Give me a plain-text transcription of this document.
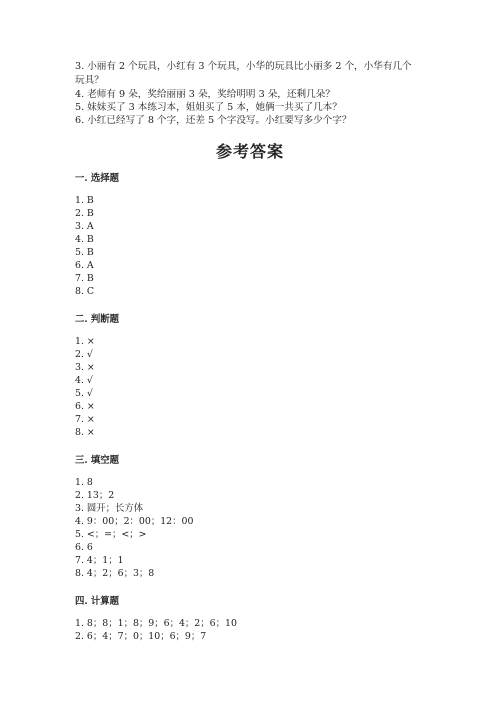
3. 小丽有 2 个玩具，小红有 3 个玩具，小华的玩具比小丽多 2 个，小华有几个

玩具？

4. 老师有 9 朵，奖给丽丽 3 朵，奖给明明 3 朵，还剩几朵？

5. 妹妹买了 3 本练习本，姐姐买了 5 本，她俩一共买了几本？

6. 小红已经写了 8 个字，还差 5 个字没写。小红要写多少个字？

参考答案

一. 选择题

1. B

2. B

3. A

4. B

5. B

6. A

7. B

8. C

二. 判断题

1. ×

2. √

3. ×

4. √

5. √

6. ×

7. ×

8. ×

三. 填空题

1. 8

2. 13；2

3. 圆开；长方体

4. 9：00；2：00；12：00

5. <；=；<；>

6. 6

7. 4；1；1

8. 4；2；6；3；8

四. 计算题

1. 8；8；1；8；9；6；4；2；6；10

2. 6；4；7；0；10；6；9；7
